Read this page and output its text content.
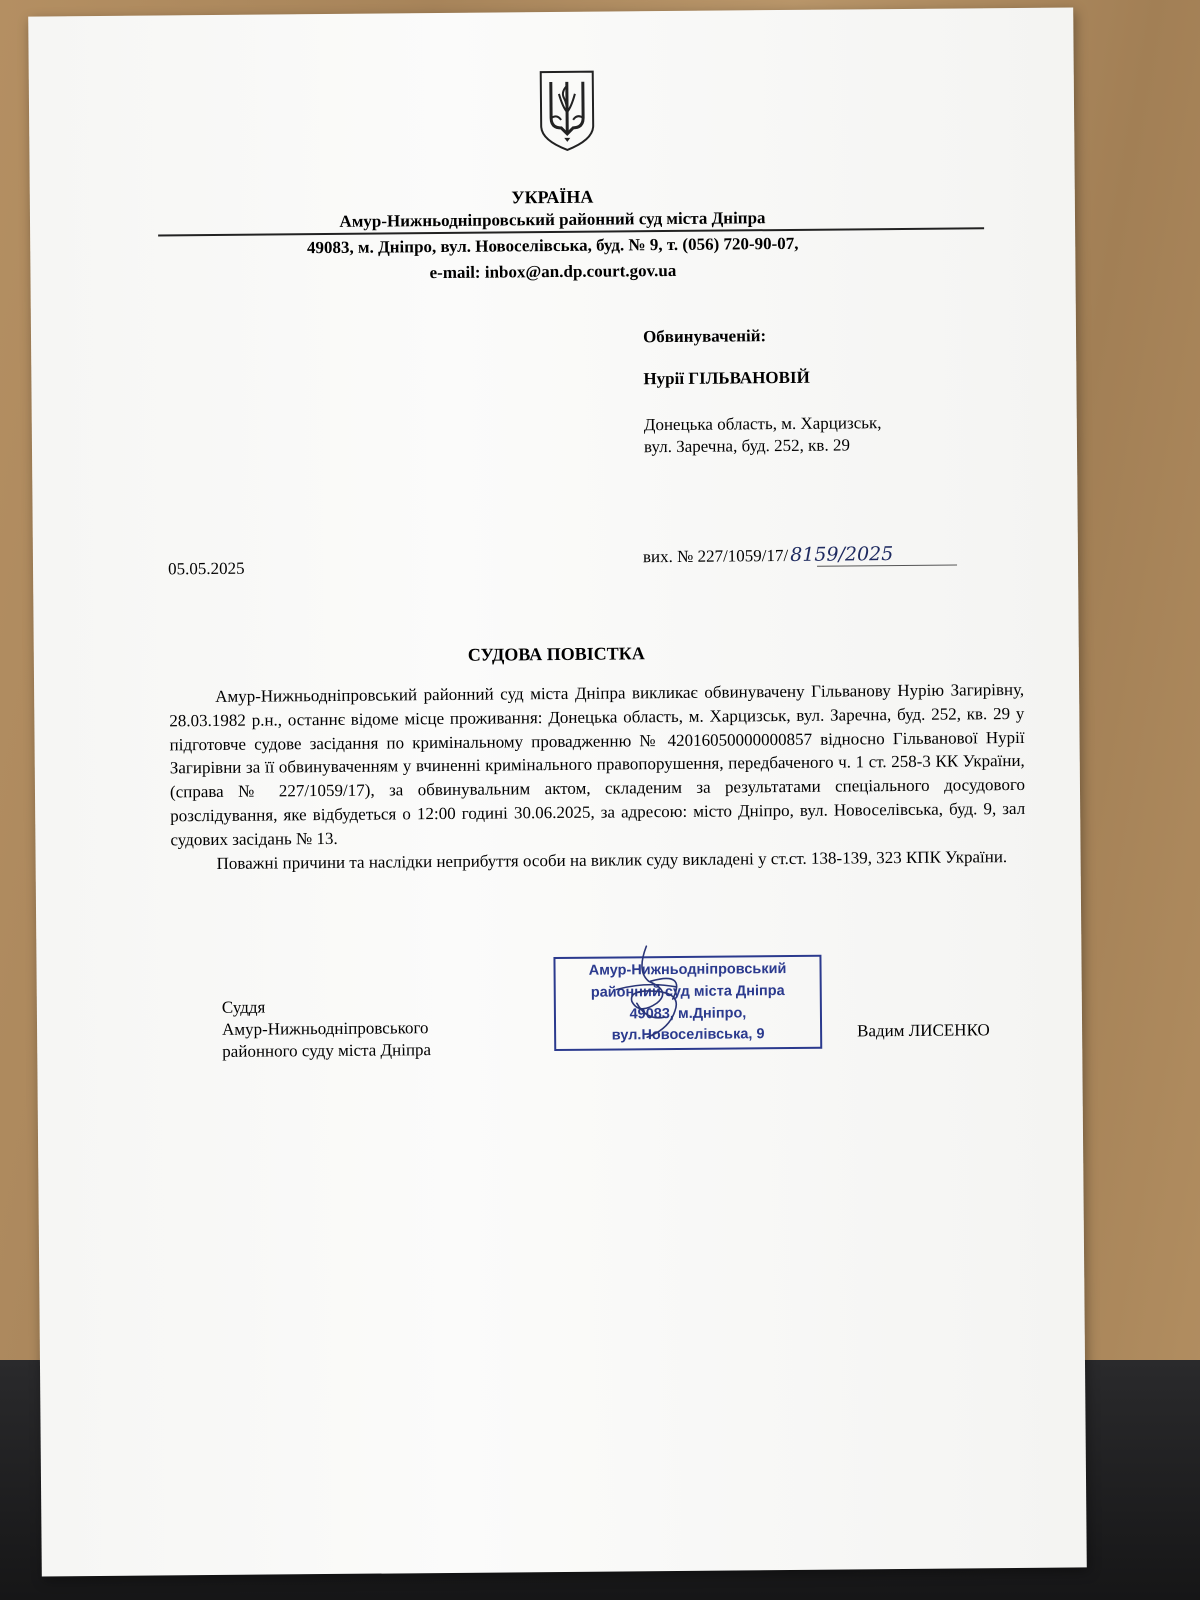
УКРАЇНА
Амур-Нижньодніпровський районний суд міста Дніпра
49083, м. Дніпро, вул. Новоселівська, буд. № 9, т. (056) 720-90-07,
e-mail: inbox@an.dp.court.gov.ua
Обвинуваченій:
Нурії ГІЛЬВАНОВІЙ
Донецька область, м. Харцизськ,
вул. Заречна, буд. 252, кв. 29
05.05.2025
вих. № 227/1059/17/8159/2025
СУДОВА ПОВІСТКА

Амур-Нижньодніпровський районний суд міста Дніпра викликає обвинувачену Гільванову Нурію Загирівну, 28.03.1982 р.н., останнє відоме місце проживання: Донецька область, м. Харцизськ, вул. Заречна, буд. 252, кв. 29 у підготовче судове засідання по кримінальному провадженню № 42016050000000857 відносно Гільванової Нурії Загирівни за її обвинуваченням у вчиненні кримінального правопорушення, передбаченого ч. 1 ст. 258-3 КК України, (справа № 227/1059/17), за обвинувальним актом, складеним за результатами спеціального досудового розслідування, яке відбудеться о 12:00 годині 30.06.2025, за адресою: місто Дніпро, вул. Новоселівська, буд. 9, зал судових засідань № 13.

Поважні причини та наслідки неприбуття особи на виклик суду викладені у ст.ст. 138-139, 323 КПК України.

Суддя
Амур-Нижньодніпровського
районного суду міста Дніпра
Амур-Нижньодніпровський
районний суд міста Дніпра
49083, м.Дніпро,
вул.Новоселівська, 9	Вадим ЛИСЕНКО
